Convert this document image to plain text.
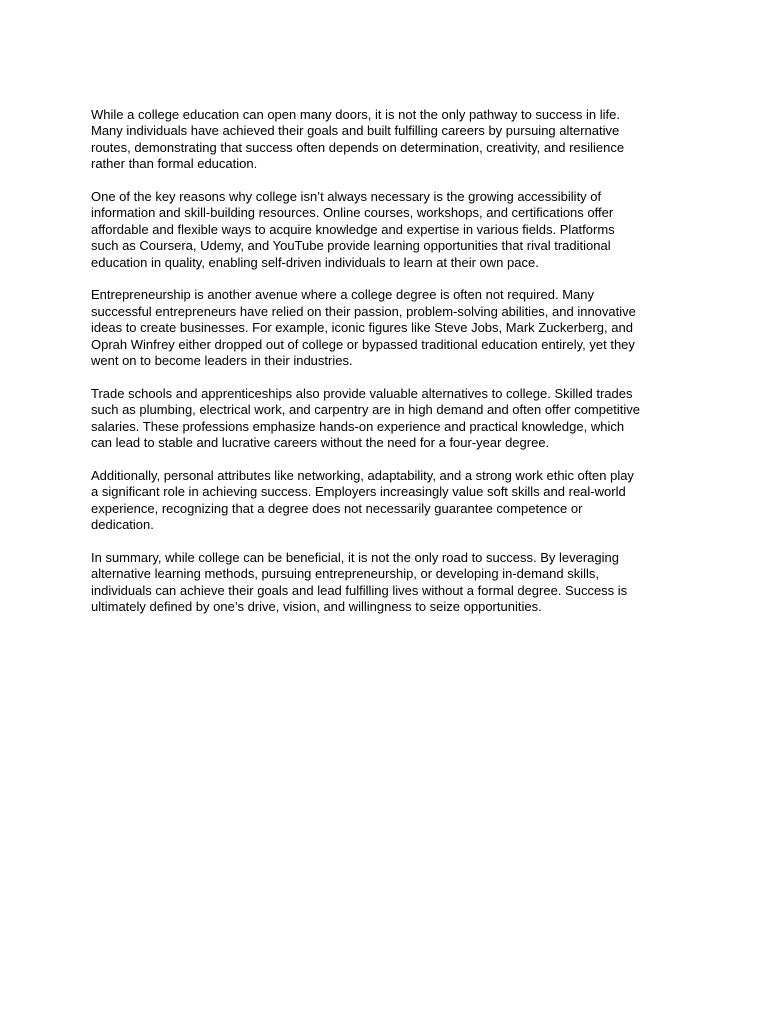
While a college education can open many doors, it is not the only pathway to success in life.
Many individuals have achieved their goals and built fulfilling careers by pursuing alternative
routes, demonstrating that success often depends on determination, creativity, and resilience
rather than formal education.

One of the key reasons why college isn’t always necessary is the growing accessibility of
information and skill-building resources. Online courses, workshops, and certifications offer
affordable and flexible ways to acquire knowledge and expertise in various fields. Platforms
such as Coursera, Udemy, and YouTube provide learning opportunities that rival traditional
education in quality, enabling self-driven individuals to learn at their own pace.

Entrepreneurship is another avenue where a college degree is often not required. Many
successful entrepreneurs have relied on their passion, problem-solving abilities, and innovative
ideas to create businesses. For example, iconic figures like Steve Jobs, Mark Zuckerberg, and
Oprah Winfrey either dropped out of college or bypassed traditional education entirely, yet they
went on to become leaders in their industries.

Trade schools and apprenticeships also provide valuable alternatives to college. Skilled trades
such as plumbing, electrical work, and carpentry are in high demand and often offer competitive
salaries. These professions emphasize hands-on experience and practical knowledge, which
can lead to stable and lucrative careers without the need for a four-year degree.

Additionally, personal attributes like networking, adaptability, and a strong work ethic often play
a significant role in achieving success. Employers increasingly value soft skills and real-world
experience, recognizing that a degree does not necessarily guarantee competence or
dedication.

In summary, while college can be beneficial, it is not the only road to success. By leveraging
alternative learning methods, pursuing entrepreneurship, or developing in-demand skills,
individuals can achieve their goals and lead fulfilling lives without a formal degree. Success is
ultimately defined by one’s drive, vision, and willingness to seize opportunities.
